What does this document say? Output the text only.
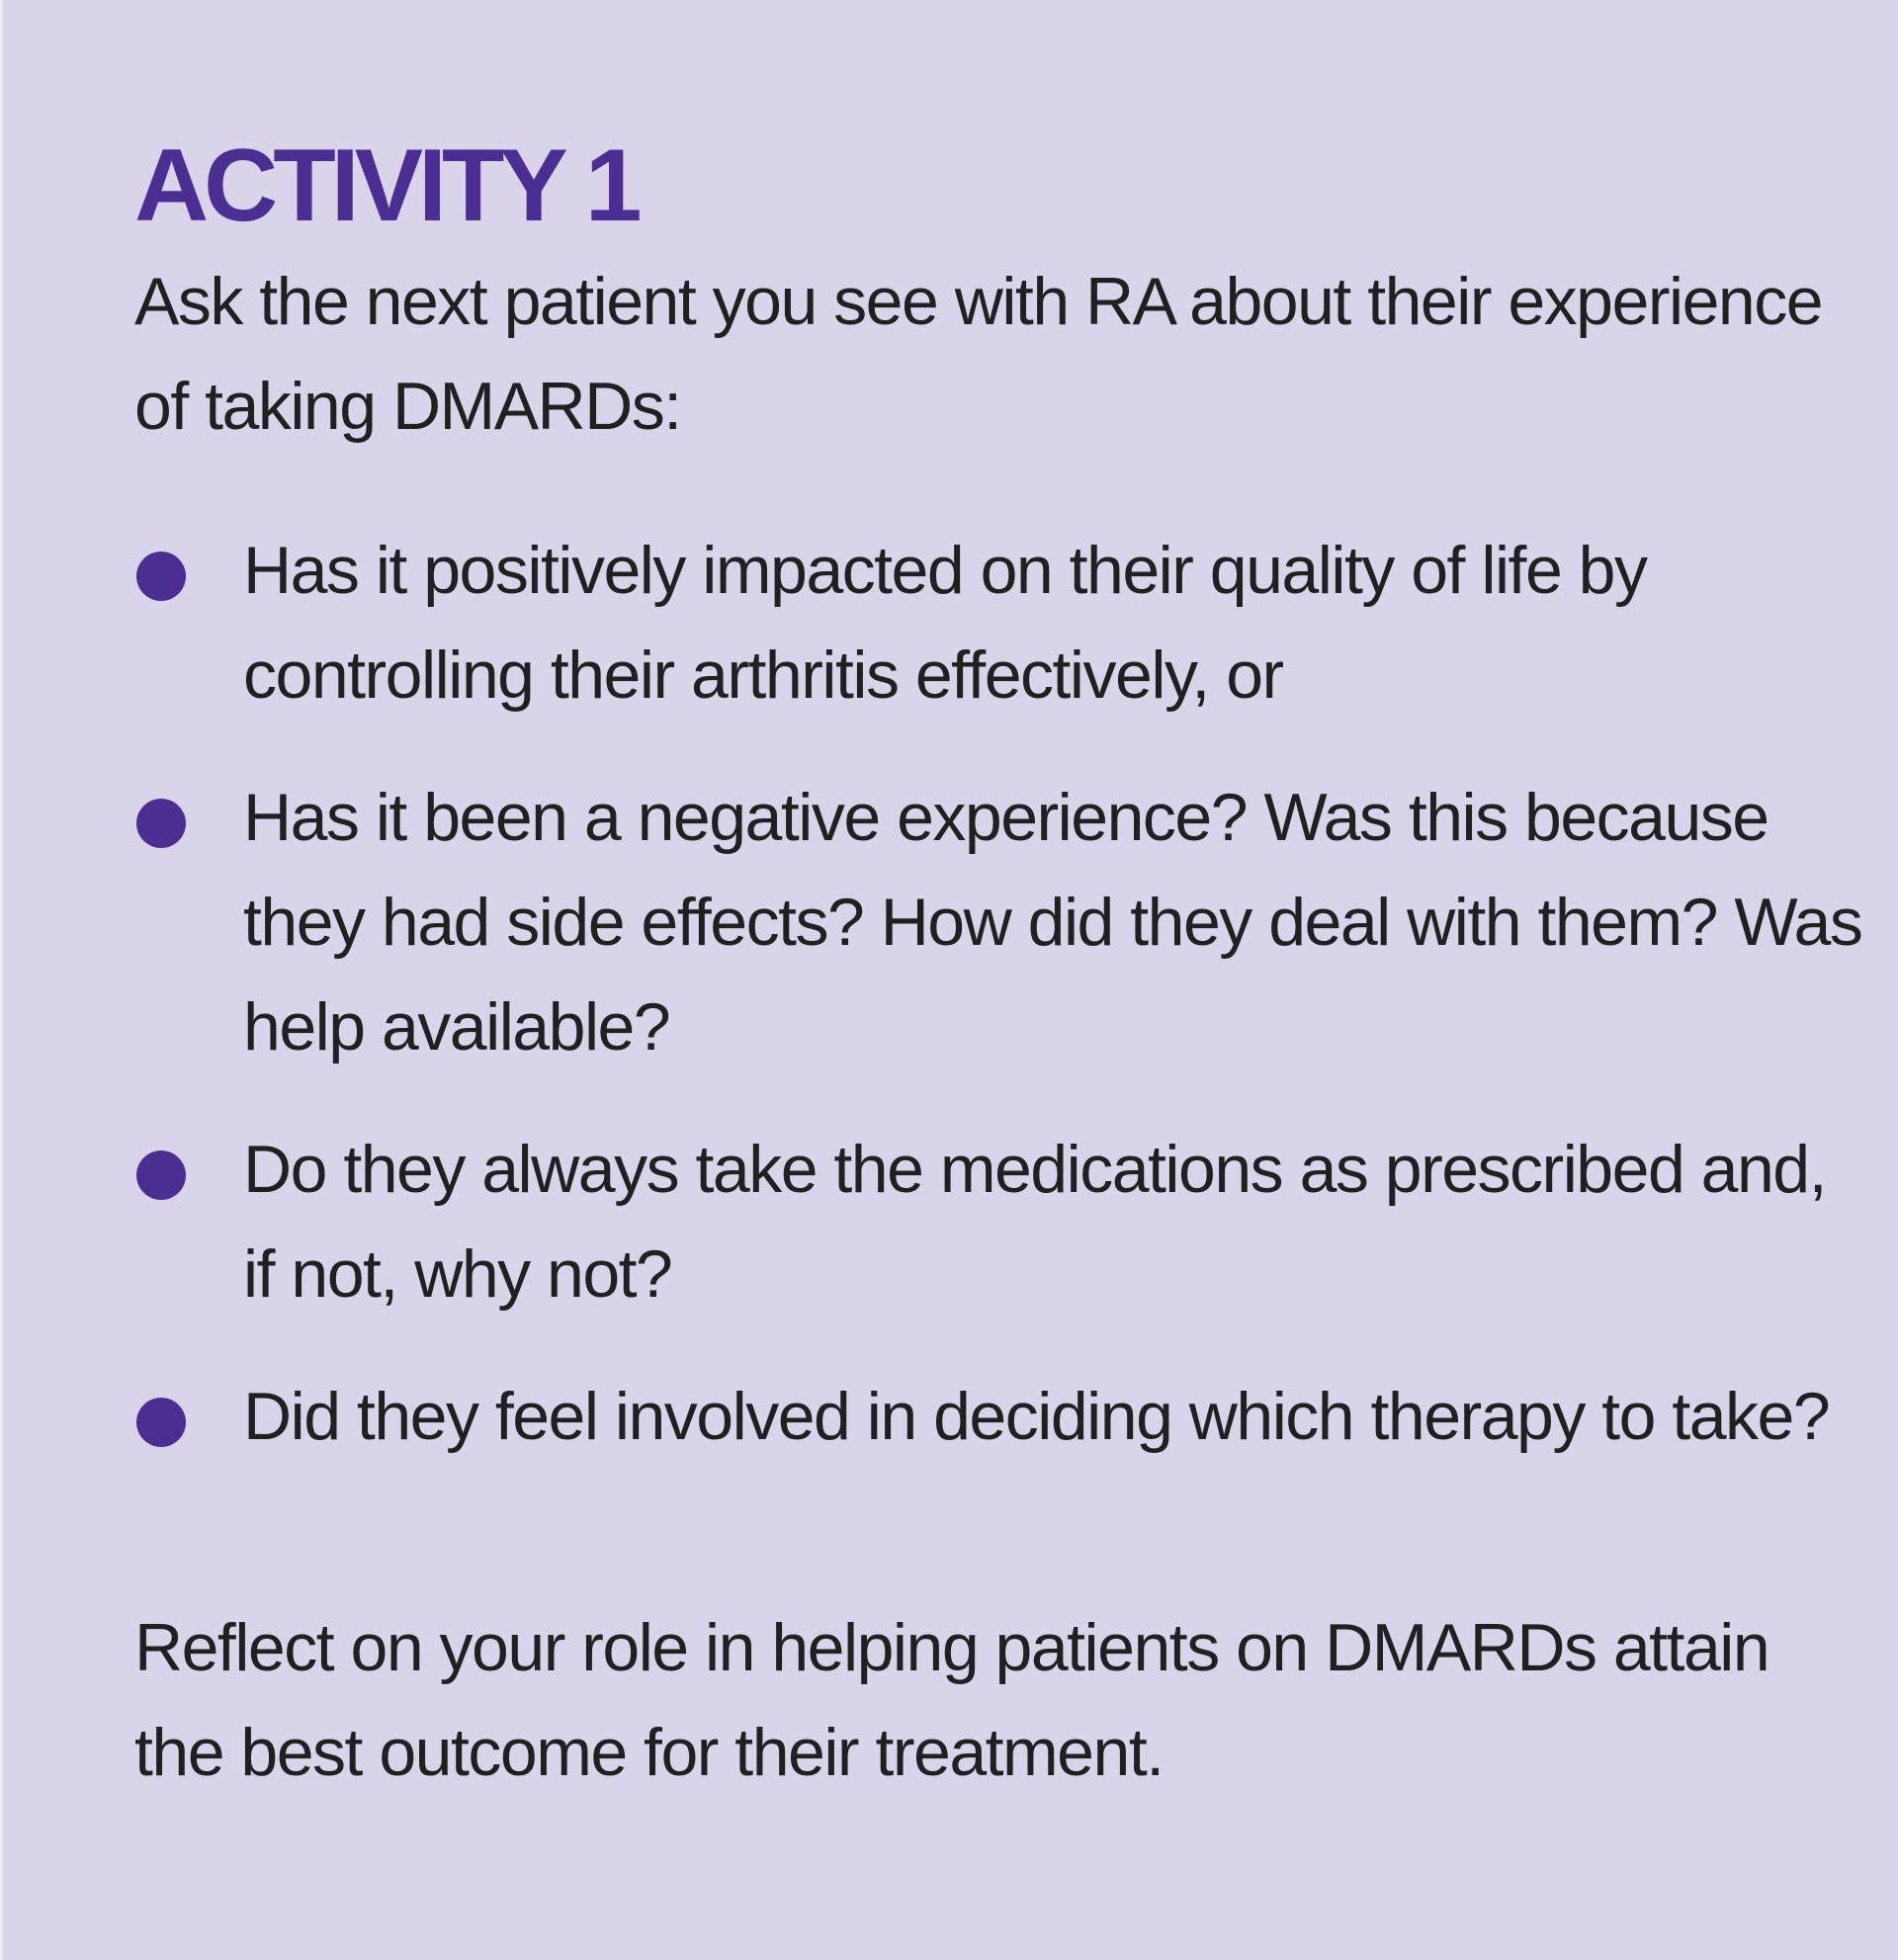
ACTIVITY 1

Ask the next patient you see with RA about their experience of taking DMARDs:

Has it positively impacted on their quality of life by controlling their arthritis effectively, or

Has it been a negative experience? Was this because they had side effects? How did they deal with them? Was help available?

Do they always take the medications as prescribed and, if not, why not?

Did they feel involved in deciding which therapy to take?

Reflect on your role in helping patients on DMARDs attain the best outcome for their treatment.
